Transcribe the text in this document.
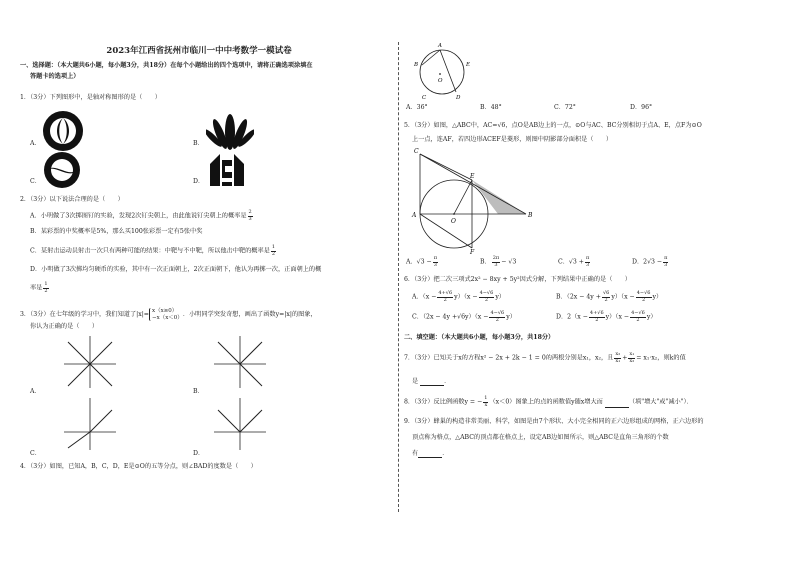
2023年江西省抚州市临川一中中考数学一模试卷
一、选择题：（本大题共6小题，每小题3分，共18分）在每个小题给出的四个选项中，请将正确选项涂填在
答题卡的选项上）
1．（3分）下列图形中，是轴对称图形的是（　　）
A．	B．
C．	D．
2．（3分）以下说法合理的是（　　）
A．小明做了3次掷图钉的实验，发现2次钉尖朝上，由此他说钉尖朝上的概率是 $\frac{2}{3}$
B．某彩票的中奖概率是5%，那么买100张彩票一定有5张中奖
C．某射击运动员射击一次只有两种可能的结果：中靶与不中靶，所以他击中靶的概率是 $\frac{1}{2}$
D．小明做了3次掷均匀硬币的实验，其中有一次正面朝上，2次正面朝下，他认为再掷一次，正面朝上的概
率是 $\frac{1}{2}$
3．（3分）在七年级的学习中，我们知道了|x|= x（x≥0）
−x（x＜0） ．小明同学突发奇想，画出了函数y=|x|的图象，
你认为正确的是（　　）
A．	B．
C．	D．
4．（3分）如图，已知A，B，C，D，E是⊙O的五等分点，则∠BAD的度数是（　　）
A
B
C	D
E
O
A．36°	B．48°	C．72°	D．96°
5．（3分）如图，△ABC中，AC=√6，点O是AB边上的一点，⊙O与AC、BC分别相切于点A、E，点F为⊙O
上一点，连AF，若四边形ACEF是菱形，则图中阴影部分面积是（　　）
C
E
A
O
B
F
A．$√3 - \frac{\pi}{3}$	B． $\frac{2\pi}{3} - √3$	C．$√3 + \frac{\pi}{3}$	D．$2√3 - \frac{\pi}{3}$
6．（3分）把二次三项式2x² − 8xy + 5y²因式分解，下列结果中正确的是（　　）
A．$(x - \frac{4+√6}{2} y)(x - \frac{4-√6}{2} y)$	B．$(2x - 4y + \frac{√6}{2} y)(x - \frac{4-√6}{2} y)$
C．$(2x - 4y +√6y)(x - \frac{4-√6}{2} y)$	D．$2(x - \frac{4+√6}{2} y)(x - \frac{4-√6}{2} y)$
二、填空题：（本大题共6小题，每小题3分，共18分）
7．（3分）已知关于x的方程x² − 2x + 2k − 1 = 0的两根分别是x₁，x₂，且 $\frac{\text{x₂}}{\text{x₁}} + \frac{\text{x₁}}{\text{x₂}} = x_1\cdot x_2$，则k的值
是	．
8．（3分）反比例函数y = − $\frac{1}{x} (x<0)$图象上的点的函数值y随x增大而	（填"增大"或"减小"）．
9．（3分）蜂巢的构造非常美丽、科学，如图是由7个形状、大小完全相同的正六边形组成的网格，正六边形的
顶点称为格点，△ABC的顶点都在格点上，设定AB边如图所示，则△ABC是直角三角形的个数
有	．
